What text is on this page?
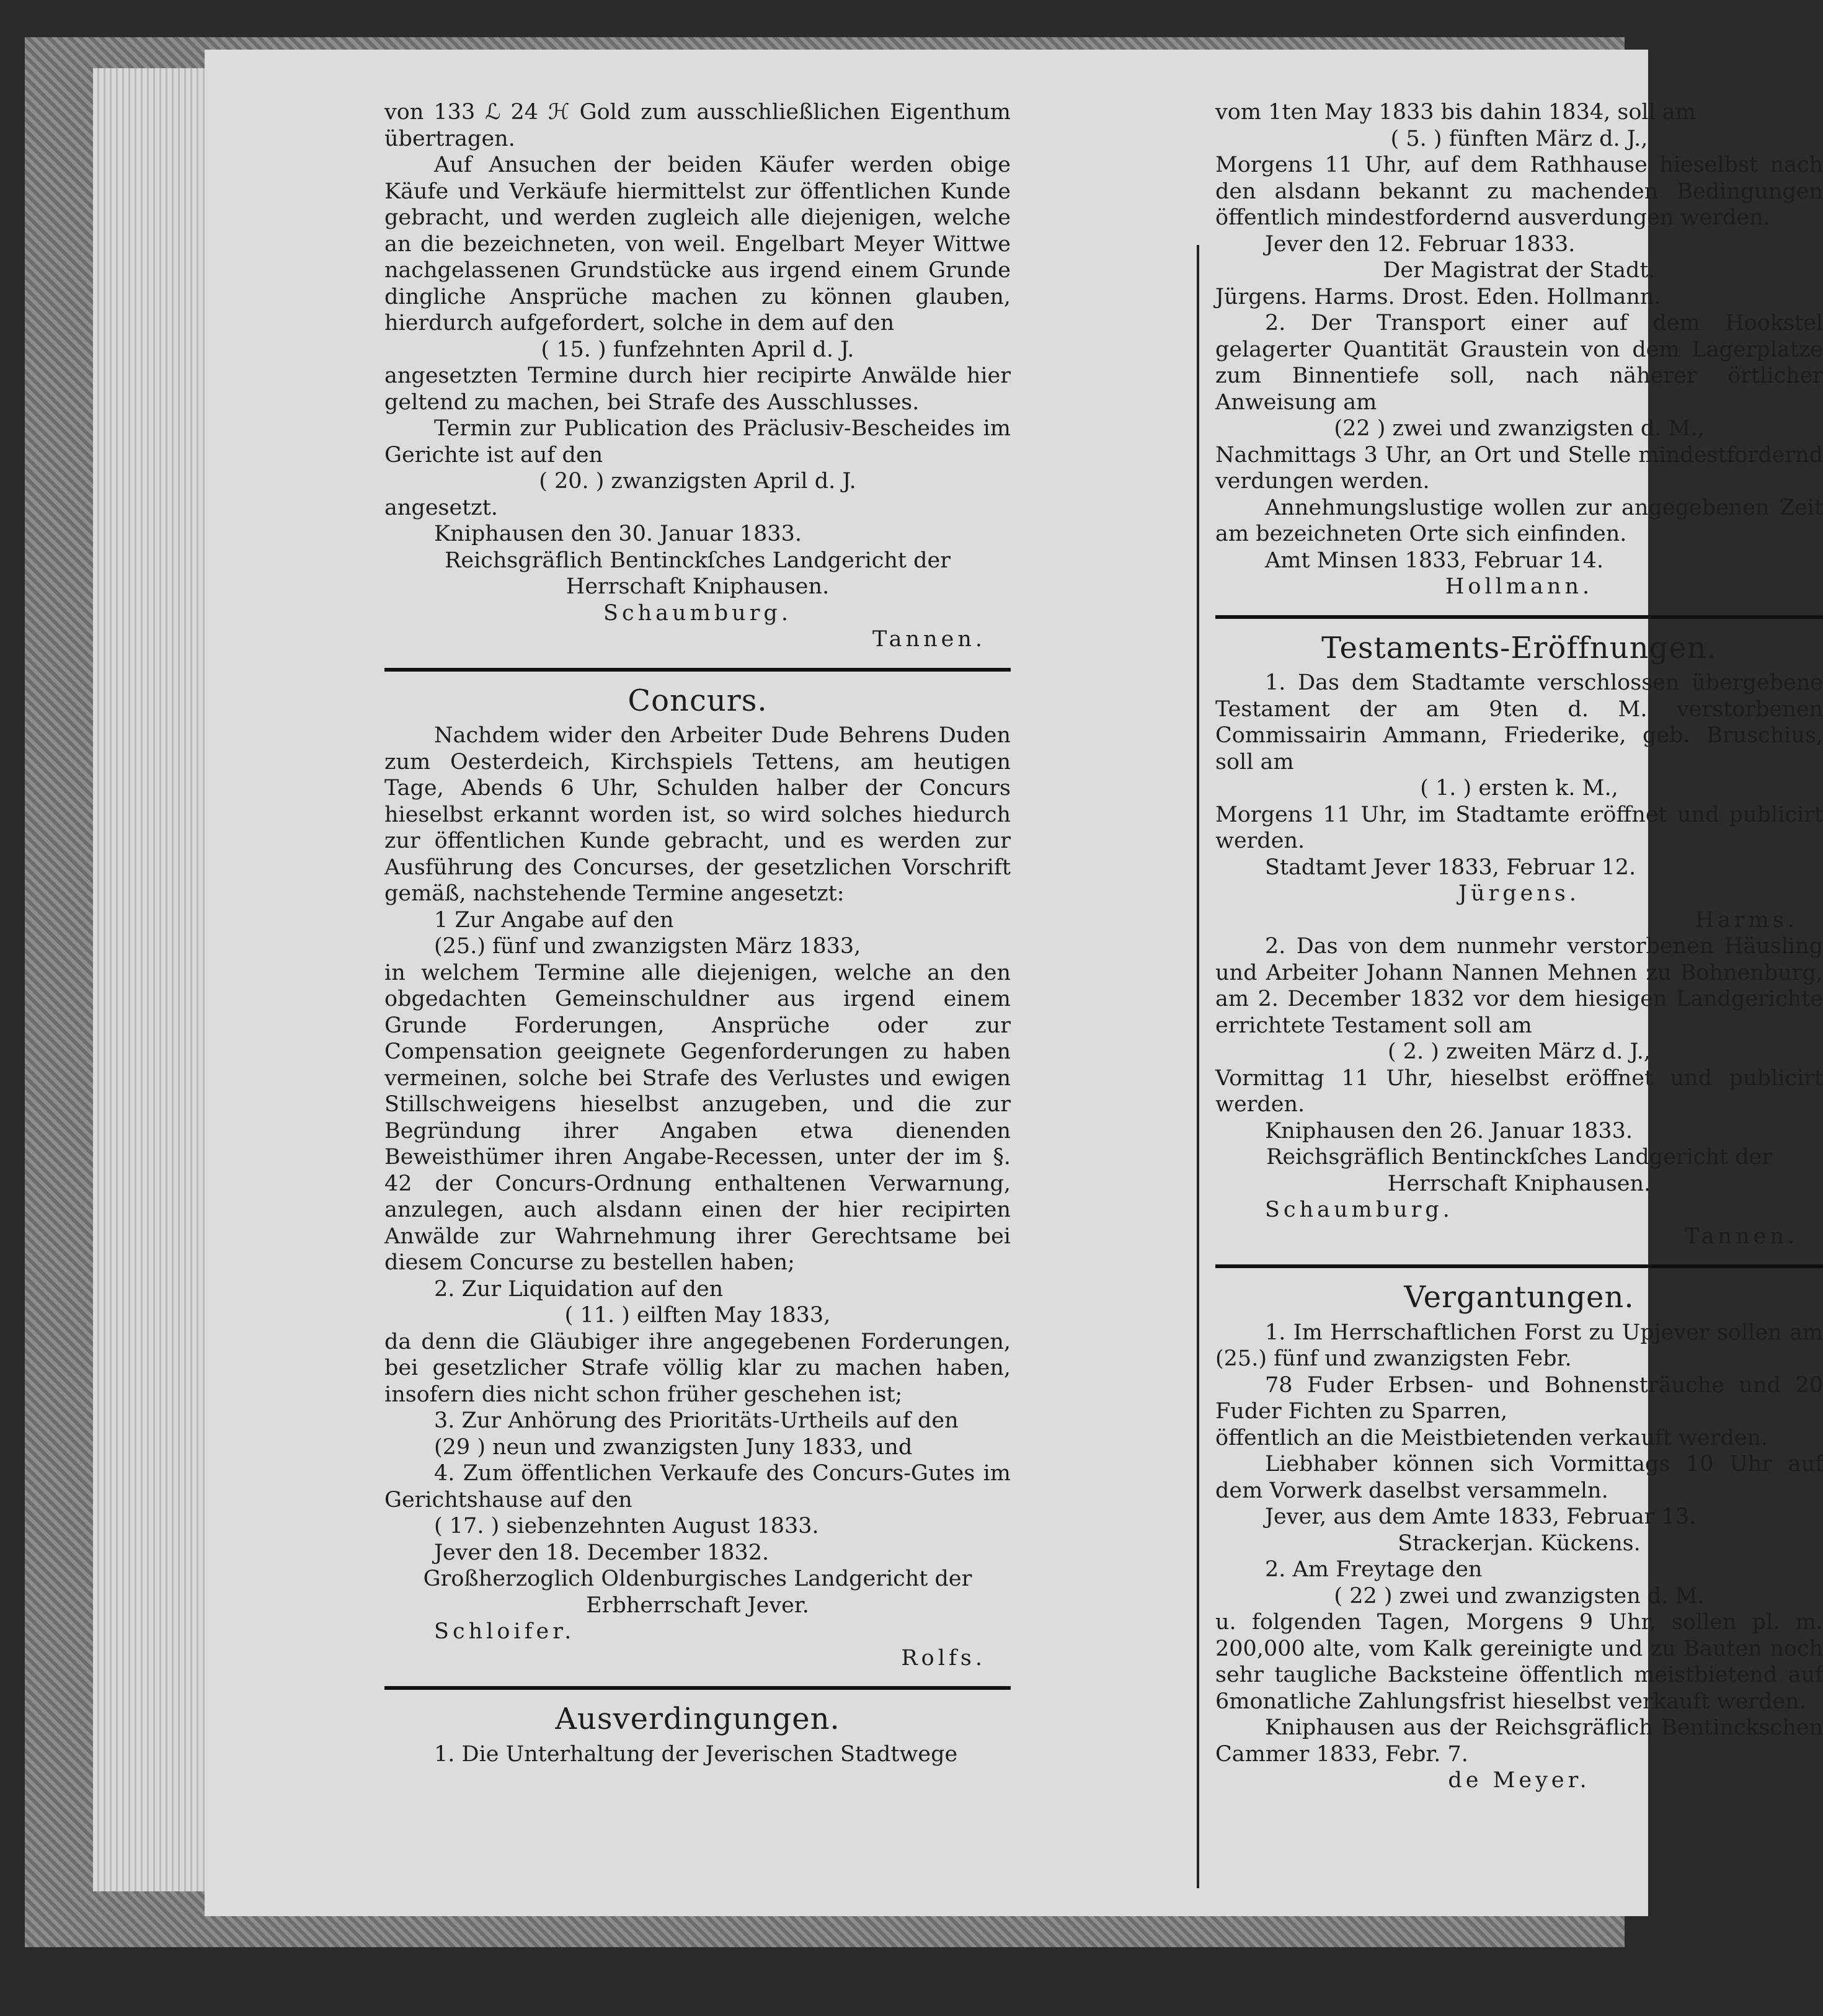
von 133 ℒ 24 ℋ Gold zum ausschließlichen Eigenthum übertragen.

Auf Ansuchen der beiden Käufer werden obige Käufe und Verkäufe hiermittelst zur öffentlichen Kunde gebracht, und werden zugleich alle diejenigen, welche an die bezeichneten, von weil. Engelbart Meyer Wittwe nachgelassenen Grundstücke aus irgend einem Grunde dingliche Ansprüche machen zu können glauben, hierdurch aufgefordert, solche in dem auf den

( 15. ) funfzehnten April d. J.

angesetzten Termine durch hier recipirte Anwälde hier geltend zu machen, bei Strafe des Ausschlusses.

Termin zur Publication des Präclusiv-Bescheides im Gerichte ist auf den

( 20. ) zwanzigsten April d. J.

angesetzt.

Kniphausen den 30. Januar 1833.

Reichsgräflich Bentinckſches Landgericht der Herrschaft Kniphausen.

Schaumburg.

Tannen.

Concurs.

Nachdem wider den Arbeiter Dude Behrens Duden zum Oesterdeich, Kirchspiels Tettens, am heutigen Tage, Abends 6 Uhr, Schulden halber der Concurs hieselbst erkannt worden ist, so wird solches hiedurch zur öffentlichen Kunde gebracht, und es werden zur Ausführung des Concurses, der gesetzlichen Vorschrift gemäß, nachstehende Termine angesetzt:

1 Zur Angabe auf den

(25.) fünf und zwanzigsten März 1833,

in welchem Termine alle diejenigen, welche an den obgedachten Gemeinschuldner aus irgend einem Grunde Forderungen, Ansprüche oder zur Compensation geeignete Gegenforderungen zu haben vermeinen, solche bei Strafe des Verlustes und ewigen Stillschweigens hieselbst anzugeben, und die zur Begründung ihrer Angaben etwa dienenden Beweisthümer ihren Angabe-Recessen, unter der im §. 42 der Concurs-Ordnung enthaltenen Verwarnung, anzulegen, auch alsdann einen der hier recipirten Anwälde zur Wahrnehmung ihrer Gerechtsame bei diesem Concurse zu bestellen haben;

2. Zur Liquidation auf den

( 11. ) eilften May 1833,

da denn die Gläubiger ihre angegebenen Forderungen, bei gesetzlicher Strafe völlig klar zu machen haben, insofern dies nicht schon früher geschehen ist;

3. Zur Anhörung des Prioritäts-Urtheils auf den

(29 ) neun und zwanzigsten Juny 1833, und

4. Zum öffentlichen Verkaufe des Concurs-Gutes im Gerichtshause auf den

( 17. ) siebenzehnten August 1833.

Jever den 18. December 1832.

Großherzoglich Oldenburgisches Landgericht der Erbherrschaft Jever.

Schloifer.

Rolfs.

Ausverdingungen.

1. Die Unterhaltung der Jeverischen Stadtwege

vom 1ten May 1833 bis dahin 1834, soll am

( 5. ) fünften März d. J.,

Morgens 11 Uhr, auf dem Rathhause hieselbst nach den alsdann bekannt zu machenden Bedingungen öffentlich mindestfordernd ausverdungen werden.

Jever den 12. Februar 1833.

Der Magistrat der Stadt.

Jürgens. Harms. Drost. Eden. Hollmann.

2. Der Transport einer auf dem Hookstel gelagerter Quantität Graustein von dem Lagerplatze zum Binnentiefe soll, nach näherer örtlicher Anweisung am

(22 ) zwei und zwanzigsten d. M.,

Nachmittags 3 Uhr, an Ort und Stelle mindestfordernd verdungen werden.

Annehmungslustige wollen zur angegebenen Zeit am bezeichneten Orte sich einfinden.

Amt Minsen 1833, Februar 14.

Hollmann.

Testaments-Eröffnungen.

1. Das dem Stadtamte verschlossen übergebene Testament der am 9ten d. M. verstorbenen Commissairin Ammann, Friederike, geb. Bruschius, soll am

( 1. ) ersten k. M.,

Morgens 11 Uhr, im Stadtamte eröffnet und publicirt werden.

Stadtamt Jever 1833, Februar 12.

Jürgens.

Harms.

2. Das von dem nunmehr verstorbenen Häusling und Arbeiter Johann Nannen Mehnen zu Bohnenburg, am 2. December 1832 vor dem hiesigen Landgerichte errichtete Testament soll am

( 2. ) zweiten März d. J.,

Vormittag 11 Uhr, hieselbst eröffnet und publicirt werden.

Kniphausen den 26. Januar 1833.

Reichsgräflich Bentinckſches Landgericht der Herrschaft Kniphausen.

Schaumburg.

Tannen.

Vergantungen.

1. Im Herrschaftlichen Forst zu Upjever sollen am (25.) fünf und zwanzigsten Febr.

78 Fuder Erbsen- und Bohnensträuche und 20 Fuder Fichten zu Sparren,

öffentlich an die Meistbietenden verkauft werden.

Liebhaber können sich Vormittags 10 Uhr auf dem Vorwerk daselbst versammeln.

Jever, aus dem Amte 1833, Februar 13.

Strackerjan. Kückens.

2. Am Freytage den

( 22 ) zwei und zwanzigsten d. M.

u. folgenden Tagen, Morgens 9 Uhr, sollen pl. m. 200,000 alte, vom Kalk gereinigte und zu Bauten noch sehr taugliche Backsteine öffentlich meistbietend auf 6monatliche Zahlungsfrist hieselbst verkauft werden.

Kniphausen aus der Reichsgräflich Bentinckschen Cammer 1833, Febr. 7.

de Meyer.
